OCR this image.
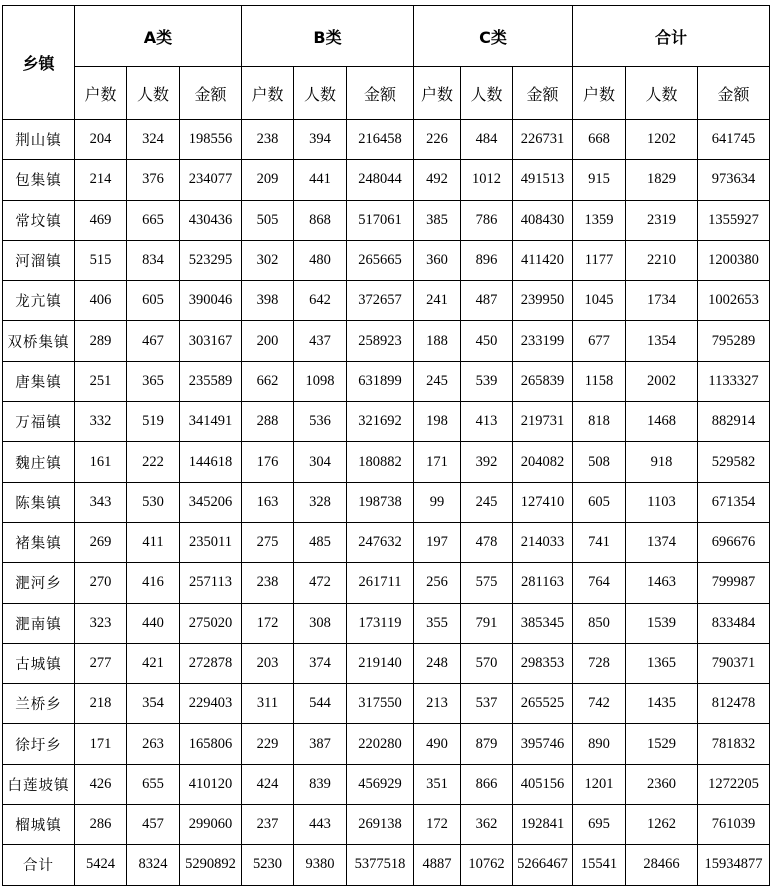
乡镇	A类			B类			C类			合计		
	户数	人数	金额	户数	人数	金额	户数	人数	金额	户数	人数	金额
荆山镇	204	324	198556	238	394	216458	226	484	226731	668	1202	641745
包集镇	214	376	234077	209	441	248044	492	1012	491513	915	1829	973634
常坟镇	469	665	430436	505	868	517061	385	786	408430	1359	2319	1355927
河溜镇	515	834	523295	302	480	265665	360	896	411420	1177	2210	1200380
龙亢镇	406	605	390046	398	642	372657	241	487	239950	1045	1734	1002653
双桥集镇	289	467	303167	200	437	258923	188	450	233199	677	1354	795289
唐集镇	251	365	235589	662	1098	631899	245	539	265839	1158	2002	1133327
万福镇	332	519	341491	288	536	321692	198	413	219731	818	1468	882914
魏庄镇	161	222	144618	176	304	180882	171	392	204082	508	918	529582
陈集镇	343	530	345206	163	328	198738	99	245	127410	605	1103	671354
褚集镇	269	411	235011	275	485	247632	197	478	214033	741	1374	696676
淝河乡	270	416	257113	238	472	261711	256	575	281163	764	1463	799987
淝南镇	323	440	275020	172	308	173119	355	791	385345	850	1539	833484
古城镇	277	421	272878	203	374	219140	248	570	298353	728	1365	790371
兰桥乡	218	354	229403	311	544	317550	213	537	265525	742	1435	812478
徐圩乡	171	263	165806	229	387	220280	490	879	395746	890	1529	781832
白莲坡镇	426	655	410120	424	839	456929	351	866	405156	1201	2360	1272205
榴城镇	286	457	299060	237	443	269138	172	362	192841	695	1262	761039
合计	5424	8324	5290892	5230	9380	5377518	4887	10762	5266467	15541	28466	15934877
